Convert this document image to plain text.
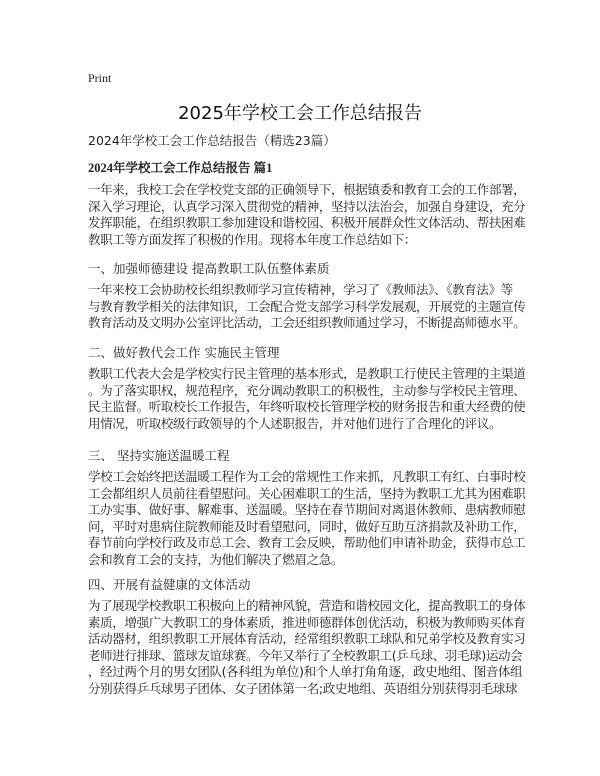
Print
2025年学校工会工作总结报告
2024年学校工会工作总结报告（精选23篇）
2024年学校工会工作总结报告 篇1
一年来，我校工会在学校党支部的正确领导下，根据镇委和教育工会的工作部署，
深入学习理论，认真学习深入贯彻党的精神，坚持以法治会，加强自身建设，充分
发挥职能，在组织教职工参加建设和谐校园、积极开展群众性文体活动、帮扶困难
教职工等方面发挥了积极的作用。现将本年度工作总结如下：
一、加强师德建设 提高教职工队伍整体素质
一年来校工会协助校长组织教师学习宣传精神，学习了《教师法》、《教育法》等
与教育教学相关的法律知识，工会配合党支部学习科学发展观，开展党的主题宣传
教育活动及文明办公室评比活动，工会还组织教师通过学习，不断提高师德水平。
二、做好教代会工作 实施民主管理
教职工代表大会是学校实行民主管理的基本形式，是教职工行使民主管理的主渠道
。为了落实职权，规范程序，充分调动教职工的积极性，主动参与学校民主管理、
民主监督。听取校长工作报告，年终听取校长管理学校的财务报告和重大经费的使
用情况，听取校级行政领导的个人述职报告，并对他们进行了合理化的评议。
三、 坚持实施送温暖工程
学校工会始终把送温暖工程作为工会的常规性工作来抓，凡教职工有红、白事时校
工会都组织人员前往看望慰问。关心困难职工的生活，坚持为教职工尤其为困难职
工办实事、做好事、解难事、送温暖。坚持在春节期间对离退休教师、患病教师慰
问，平时对患病住院教师能及时看望慰问，同时，做好互助互济捐款及补助工作，
春节前向学校行政及市总工会、教育工会反映，帮助他们申请补助金，获得市总工
会和教育工会的支持，为他们解决了燃眉之急。
四、开展有益健康的文体活动
为了展现学校教职工积极向上的精神风貌，营造和谐校园文化，提高教职工的身体
素质，增强广大教职工的身体素质，推进师德群体创优活动，积极为教师购买体育
活动器材，组织教职工开展体育活动，经常组织教职工球队和兄弟学校及教育实习
老师进行排球、篮球友谊球赛。今年又举行了全校教职工(乒乓球、羽毛球)运动会
，经过两个月的男女团队(各科组为单位)和个人单打角角逐，政史地组、图音体组
分别获得乒乓球男子团体、女子团体第一名;政史地组、英语组分别获得羽毛球球
